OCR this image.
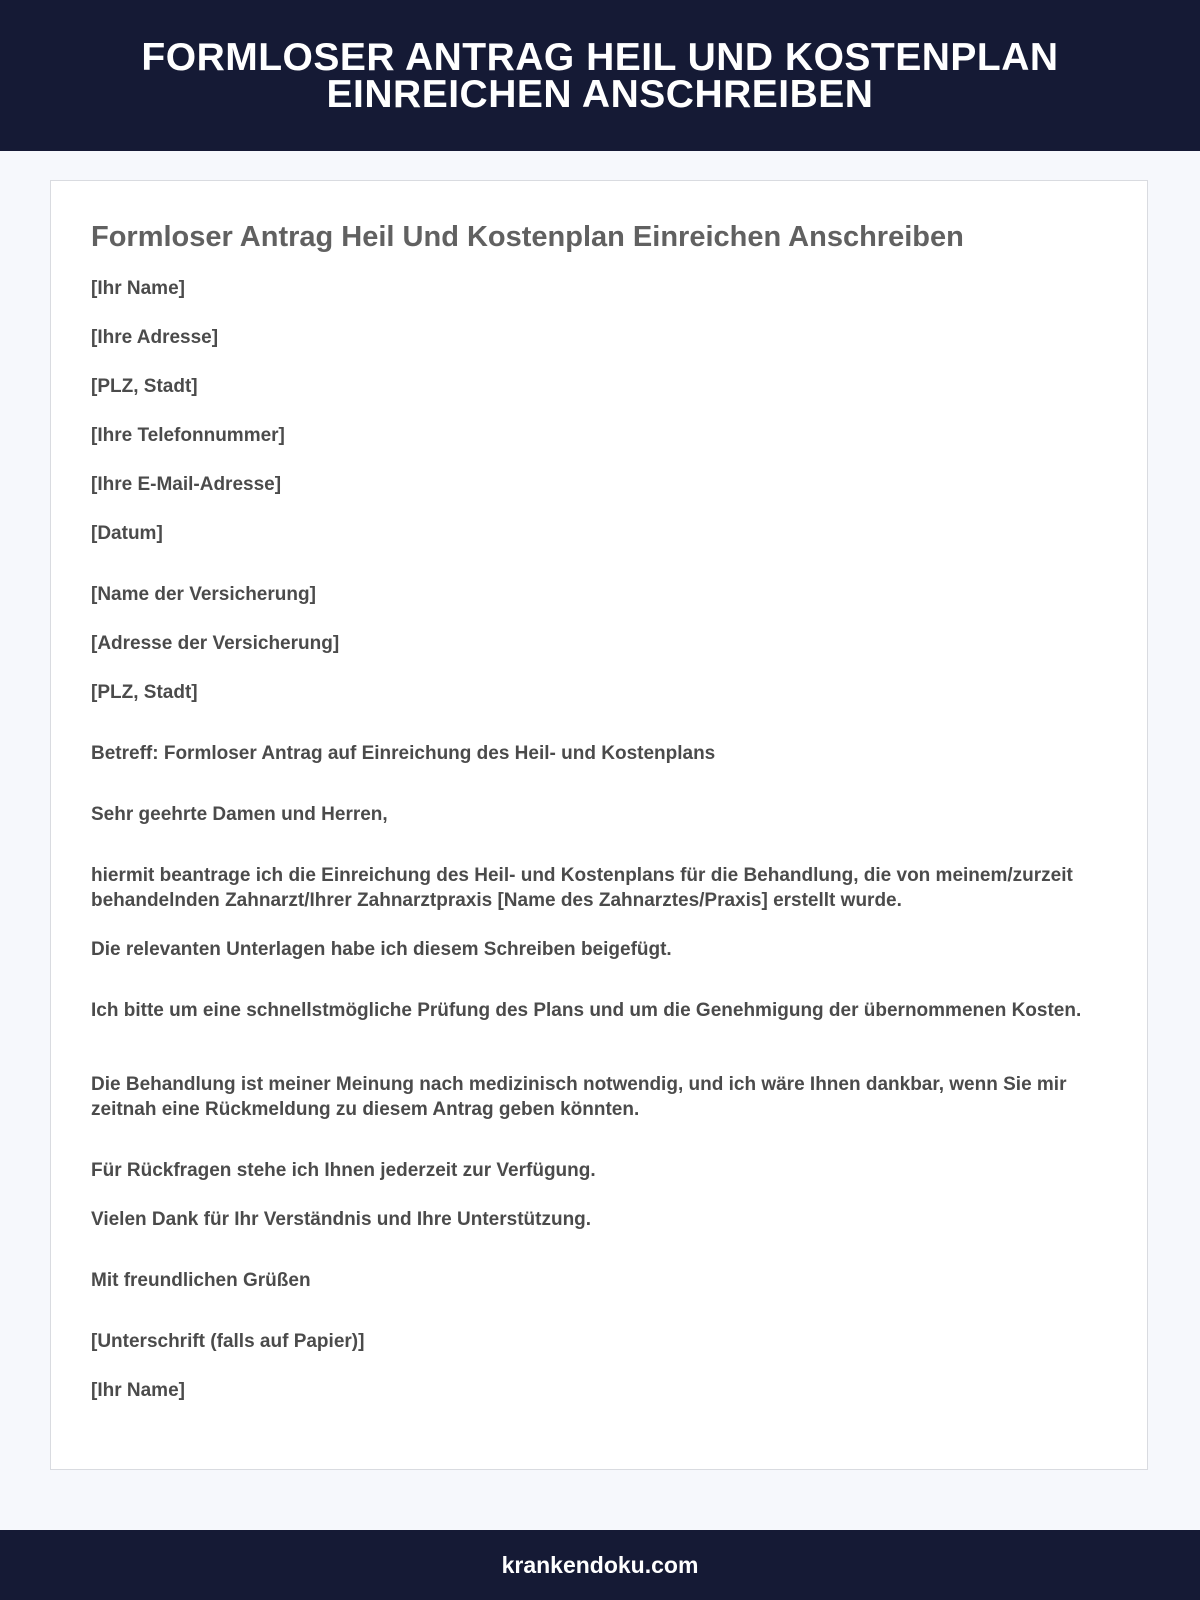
FORMLOSER ANTRAG HEIL UND KOSTENPLAN EINREICHEN ANSCHREIBEN
Formloser Antrag Heil Und Kostenplan Einreichen Anschreiben

[Ihr Name]

[Ihre Adresse]

[PLZ, Stadt]

[Ihre Telefonnummer]

[Ihre E-Mail-Adresse]

[Datum]

[Name der Versicherung]

[Adresse der Versicherung]

[PLZ, Stadt]

Betreff: Formloser Antrag auf Einreichung des Heil- und Kostenplans

Sehr geehrte Damen und Herren,

hiermit beantrage ich die Einreichung des Heil- und Kostenplans für die Behandlung, die von meinem/zurzeit behandelnden Zahnarzt/Ihrer Zahnarztpraxis [Name des Zahnarztes/Praxis] erstellt wurde.

Die relevanten Unterlagen habe ich diesem Schreiben beigefügt.

Ich bitte um eine schnellstmögliche Prüfung des Plans und um die Genehmigung der übernommenen Kosten.

Die Behandlung ist meiner Meinung nach medizinisch notwendig, und ich wäre Ihnen dankbar, wenn Sie mir zeitnah eine Rückmeldung zu diesem Antrag geben könnten.

Für Rückfragen stehe ich Ihnen jederzeit zur Verfügung.

Vielen Dank für Ihr Verständnis und Ihre Unterstützung.

Mit freundlichen Grüßen

[Unterschrift (falls auf Papier)]

[Ihr Name]

krankendoku.com
